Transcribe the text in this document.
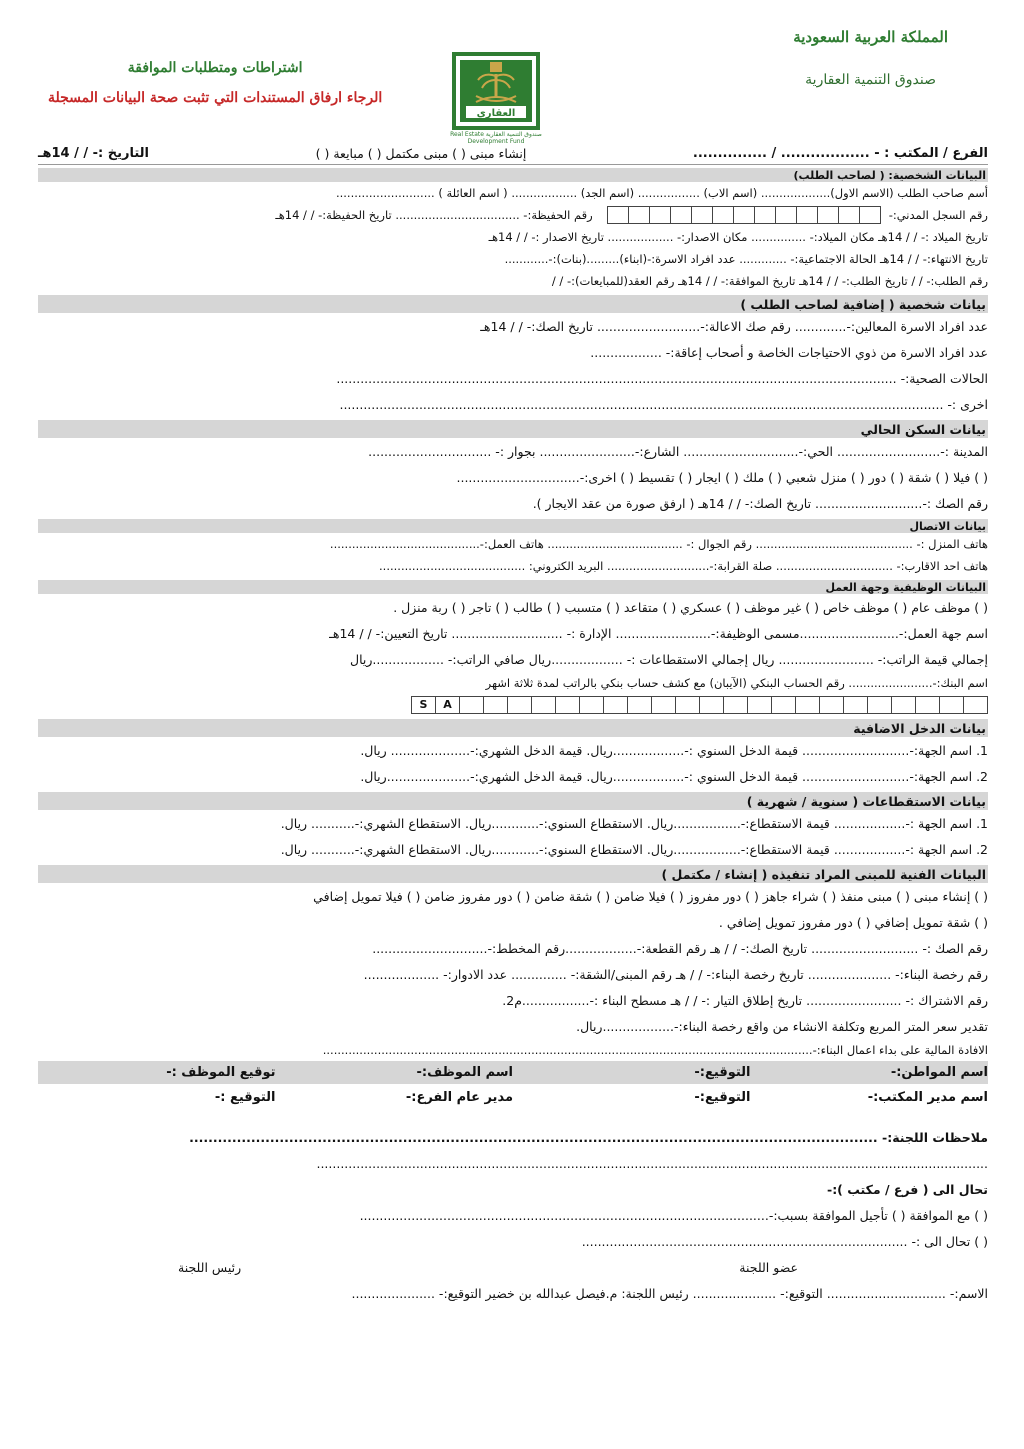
المملكة العربية السعودية
صندوق التنمية العقارية
العقاري
صندوق التنمية العقارية Real Estate Development Fund
اشتراطات ومتطلبات الموافقة
الرجاء ارفاق المستندات التي تثبت صحة البيانات المسجلة
الفرع / المكتب : - .................. / ...............
إنشاء مبنى ( ) مبنى مكتمل ( ) مبايعة ( )
التاريخ :- / / 14هـ
البيانات الشخصية: ( لصاحب الطلب)
أسم صاحب الطلب (الاسم الاول)................... (اسم الاب) ................. (اسم الجد) .................. ( اسم العائلة ) ...........................
رقم السجل المدني:-
رقم الحفيظة:- .................................. تاريخ الحفيظة:- / / 14هـ
تاريخ الميلاد :- / / 14هـ مكان الميلاد:- ............... مكان الاصدار:- .................. تاريخ الاصدار :- / / 14هـ
تاريخ الانتهاء:- / / 14هـ الحالة الاجتماعية:- ............. عدد افراد الاسرة:-(ابناء).........(بنات):-............
رقم الطلب:- / / تاريخ الطلب:- / / 14هـ تاريخ الموافقة:- / / 14هـ رقم العقد(للمبايعات):- / /
بيانات شخصية ( إضافية لصاحب الطلب )
عدد افراد الاسرة المعالين:-............. رقم صك الاعالة:-.......................... تاريخ الصك:- / / 14هـ
عدد افراد الاسرة من ذوي الاحتياجات الخاصة و أصحاب إعاقة:- ..................
الحالات الصحية:- .............................................................................................................................................
اخرى :- ........................................................................................................................................................
بيانات السكن الحالي
المدينة :-.......................... الحي:-............................. الشارع:-........................ بجوار :- ...............................
( ) فيلا ( ) شقة ( ) دور ( ) منزل شعبي ( ) ملك ( ) ايجار ( ) تقسيط ( ) اخرى:-...............................
رقم الصك :-........................... تاريخ الصك:- / / 14هـ ( ارفق صورة من عقد الايجار ).
بيانات الاتصال
هاتف المنزل :- ........................................... رقم الجوال :- ..................................... هاتف العمل:-.........................................
هاتف احد الاقارب:- ................................ صلة القرابة:-............................ البريد الكتروني: ........................................
البيانات الوظيفية وجهة العمل
( ) موظف عام ( ) موظف خاص ( ) غير موظف ( ) عسكري ( ) متقاعد ( ) متسبب ( ) طالب ( ) تاجر ( ) ربة منزل .
اسم جهة العمل:-.........................مسمى الوظيفة:-........................ الإدارة :- ............................ تاريخ التعيين:- / / 14هـ
إجمالي قيمة الراتب:- ........................ ريال إجمالي الاستقطاعات :- ..................ريال صافي الراتب:- ..................ريال
اسم البنك:-....................... رقم الحساب البنكي (الآيبان) مع كشف حساب بنكي بالراتب لمدة ثلاثة اشهر
S	A
بيانات الدخل الاضافية
1. اسم الجهة:-........................... قيمة الدخل السنوي :-..................ريال. قيمة الدخل الشهري:-.................... ريال.
2. اسم الجهة:-........................... قيمة الدخل السنوي :-..................ريال. قيمة الدخل الشهري:-.....................ريال.
بيانات الاستقطاعات ( سنوية / شهرية )
1. اسم الجهة :-.................. قيمة الاستقطاع:-.................ريال. الاستقطاع السنوي:-............ريال. الاستقطاع الشهري:-........... ريال.
2. اسم الجهة :-.................. قيمة الاستقطاع:-.................ريال. الاستقطاع السنوي:-............ريال. الاستقطاع الشهري:-........... ريال.
البيانات الفنية للمبنى المراد تنفيذه ( إنشاء / مكتمل )
( ) إنشاء مبنى ( ) مبنى منفذ ( ) شراء جاهز ( ) دور مفروز ( ) فيلا ضامن ( ) شقة ضامن ( ) دور مفروز ضامن ( ) فيلا تمويل إضافي
( ) شقة تمويل إضافي ( ) دور مفروز تمويل إضافي .
رقم الصك :- ........................... تاريخ الصك:- / / هـ رقم القطعة:-..................رقم المخطط:-.............................
رقم رخصة البناء:- ..................... تاريخ رخصة البناء:- / / هـ رقم المبنى/الشقة:- .............. عدد الادوار:- ...................
رقم الاشتراك :- ........................ تاريخ إطلاق التيار :- / / هـ مسطح البناء :-.................م2.
تقدير سعر المتر المربع وتكلفة الانشاء من واقع رخصة البناء:-..................ريال.
الافادة المالية على بداء اعمال البناء:-......................................................................................................................................
اسم المواطن:-
التوقيع:-
اسم الموظف:-
توقيع الموظف :-
اسم مدير المكتب:-
التوقيع:-
مدير عام الفرع:-
التوقيع :-
ملاحظات اللجنة:- .................................................................................................................................................
.........................................................................................................................................................................
تحال الى ( فرع / مكتب ):-
( ) مع الموافقة ( ) تأجيل الموافقة بسبب:-.......................................................................................................
( ) تحال الى :- ..................................................................................
عضو اللجنة
رئيس اللجنة
الاسم:- .............................. التوقيع:- ..................... رئيس اللجنة: م.فيصل عبدالله بن خضير التوقيع:- .....................
